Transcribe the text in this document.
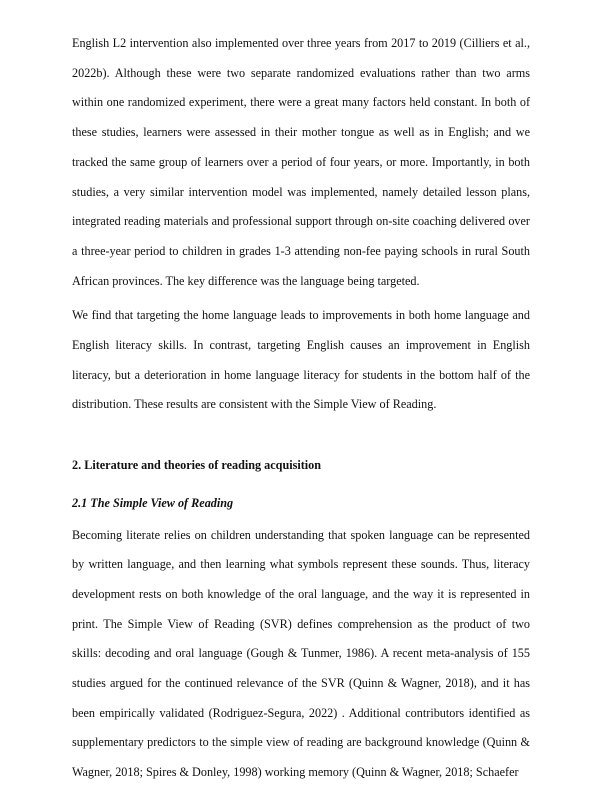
English L2 intervention also implemented over three years from 2017 to 2019 (Cilliers et al., 2022b). Although these were two separate randomized evaluations rather than two arms within one randomized experiment, there were a great many factors held constant. In both of these studies, learners were assessed in their mother tongue as well as in English; and we tracked the same group of learners over a period of four years, or more. Importantly, in both studies, a very similar intervention model was implemented, namely detailed lesson plans, integrated reading materials and professional support through on-site coaching delivered over a three-year period to children in grades 1-3 attending non-fee paying schools in rural South African provinces. The key difference was the language being targeted.

We find that targeting the home language leads to improvements in both home language and English literacy skills. In contrast, targeting English causes an improvement in English literacy, but a deterioration in home language literacy for students in the bottom half of the distribution. These results are consistent with the Simple View of Reading.

2. Literature and theories of reading acquisition
2.1 The Simple View of Reading

Becoming literate relies on children understanding that spoken language can be represented by written language, and then learning what symbols represent these sounds. Thus, literacy development rests on both knowledge of the oral language, and the way it is represented in print. The Simple View of Reading (SVR) defines comprehension as the product of two skills: decoding and oral language (Gough & Tunmer, 1986). A recent meta-analysis of 155 studies argued for the continued relevance of the SVR (Quinn & Wagner, 2018), and it has been empirically validated (Rodriguez-Segura, 2022) . Additional contributors identified as supplementary predictors to the simple view of reading are background knowledge (Quinn & Wagner, 2018; Spires & Donley, 1998) working memory (Quinn & Wagner, 2018; Schaefer
